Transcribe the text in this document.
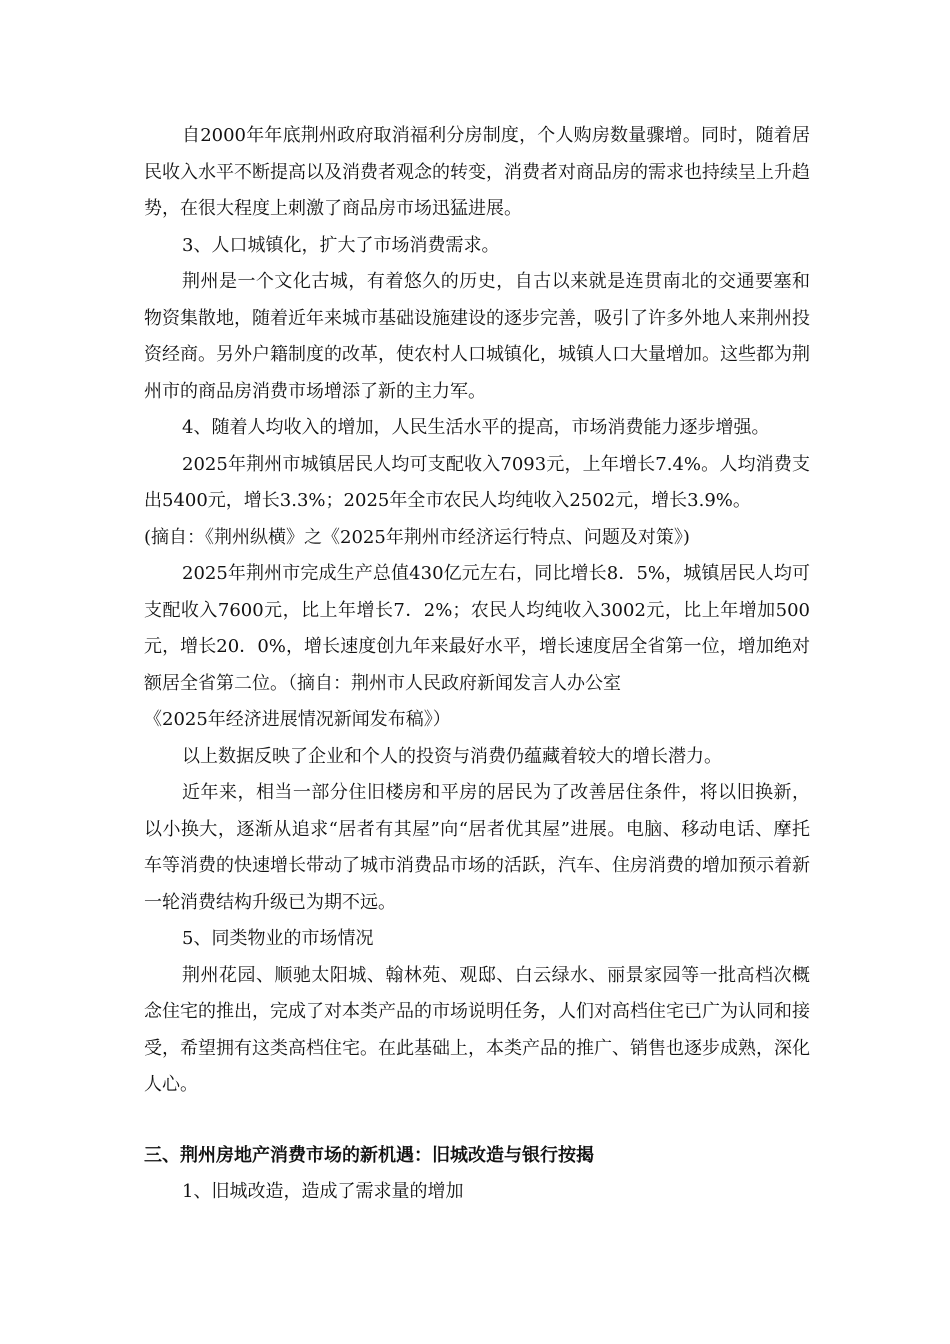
自2000年年底荆州政府取消福利分房制度，个人购房数量骤增。同时，随着居民收入水平不断提高以及消费者观念的转变，消费者对商品房的需求也持续呈上升趋势，在很大程度上刺激了商品房市场迅猛进展。

3、人口城镇化，扩大了市场消费需求。

荆州是一个文化古城，有着悠久的历史，自古以来就是连贯南北的交通要塞和物资集散地，随着近年来城市基础设施建设的逐步完善，吸引了许多外地人来荆州投资经商。另外户籍制度的改革，使农村人口城镇化，城镇人口大量增加。这些都为荆州市的商品房消费市场增添了新的主力军。

4、随着人均收入的增加，人民生活水平的提高，市场消费能力逐步增强。

2025年荆州市城镇居民人均可支配收入7093元，上年增长7.4%。人均消费支出5400元，增长3.3%；2025年全市农民人均纯收入2502元，增长3.9%。

(摘自：《荆州纵横》之《2025年荆州市经济运行特点、问题及对策》)

2025年荆州市完成生产总值430亿元左右，同比增长8．5%，城镇居民人均可支配收入7600元，比上年增长7．2%；农民人均纯收入3002元，比上年增加500元，增长20．0%，增长速度创九年来最好水平，增长速度居全省第一位，增加绝对额居全省第二位。（摘自：荆州市人民政府新闻发言人办公室

《2025年经济进展情况新闻发布稿》）

以上数据反映了企业和个人的投资与消费仍蕴藏着较大的增长潜力。

近年来，相当一部分住旧楼房和平房的居民为了改善居住条件，将以旧换新，以小换大，逐渐从追求“居者有其屋”向“居者优其屋”进展。电脑、移动电话、摩托车等消费的快速增长带动了城市消费品市场的活跃，汽车、住房消费的增加预示着新一轮消费结构升级已为期不远。

5、同类物业的市场情况

荆州花园、顺驰太阳城、翰林苑、观邸、白云绿水、丽景家园等一批高档次概念住宅的推出，完成了对本类产品的市场说明任务，人们对高档住宅已广为认同和接受，希望拥有这类高档住宅。在此基础上，本类产品的推广、销售也逐步成熟，深化人心。

三、荆州房地产消费市场的新机遇：旧城改造与银行按揭

1、旧城改造，造成了需求量的增加
